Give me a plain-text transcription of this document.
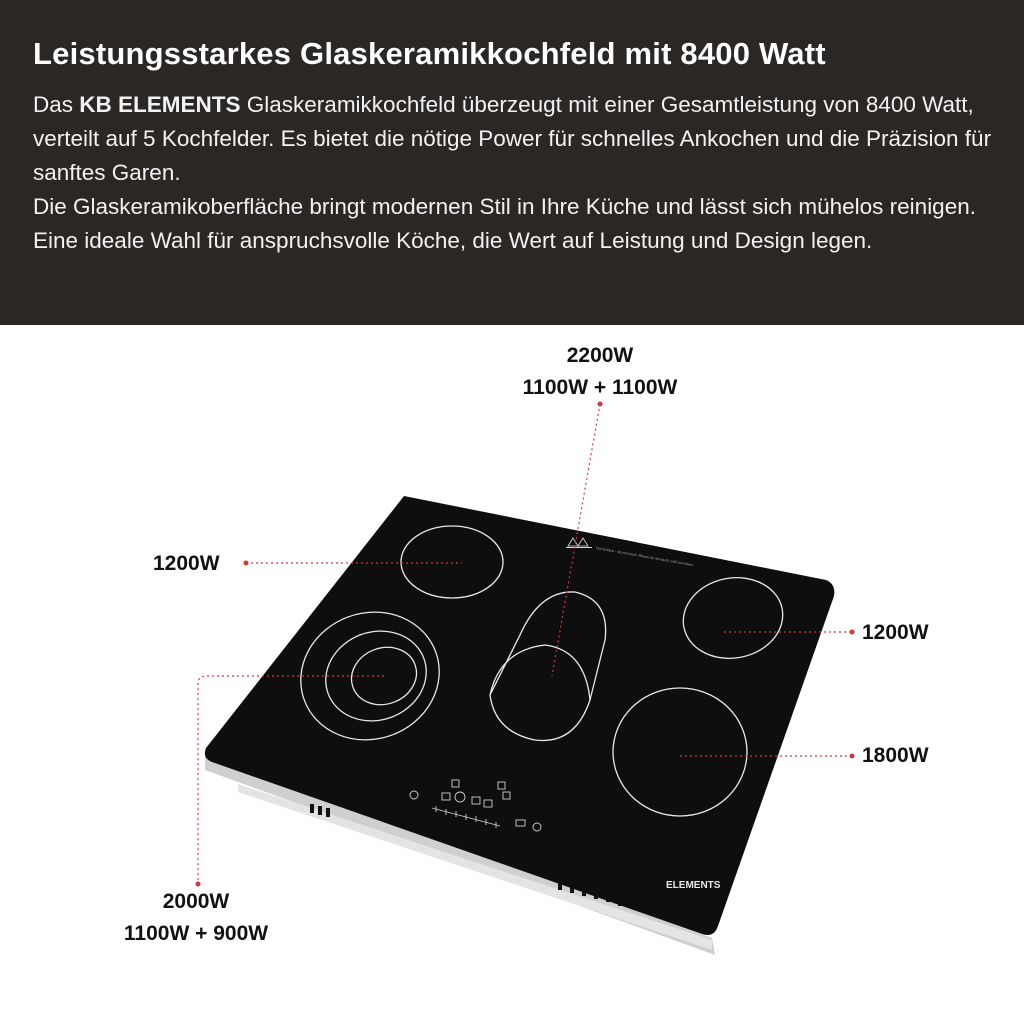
Leistungsstarkes Glaskeramikkochfeld mit 8400 Watt

Das KB ELEMENTS Glaskeramikkochfeld überzeugt mit einer Gesamtleistung von 8400 Watt, verteilt auf 5 Kochfelder. Es bietet die nötige Power für schnelles Ankochen und die Präzision für sanftes Garen.

Die Glaskeramikoberfläche bringt modernen Stil in Ihre Küche und lässt sich mühelos reinigen. Eine ideale Wahl für anspruchsvolle Köche, die Wert auf Leistung und Design legen.

Hot surface – do not touch. Please do not touch until cool down.
ELEMENTS
2200W
1100W + 1100W
1200W
1200W
1800W
2000W
1100W + 900W
